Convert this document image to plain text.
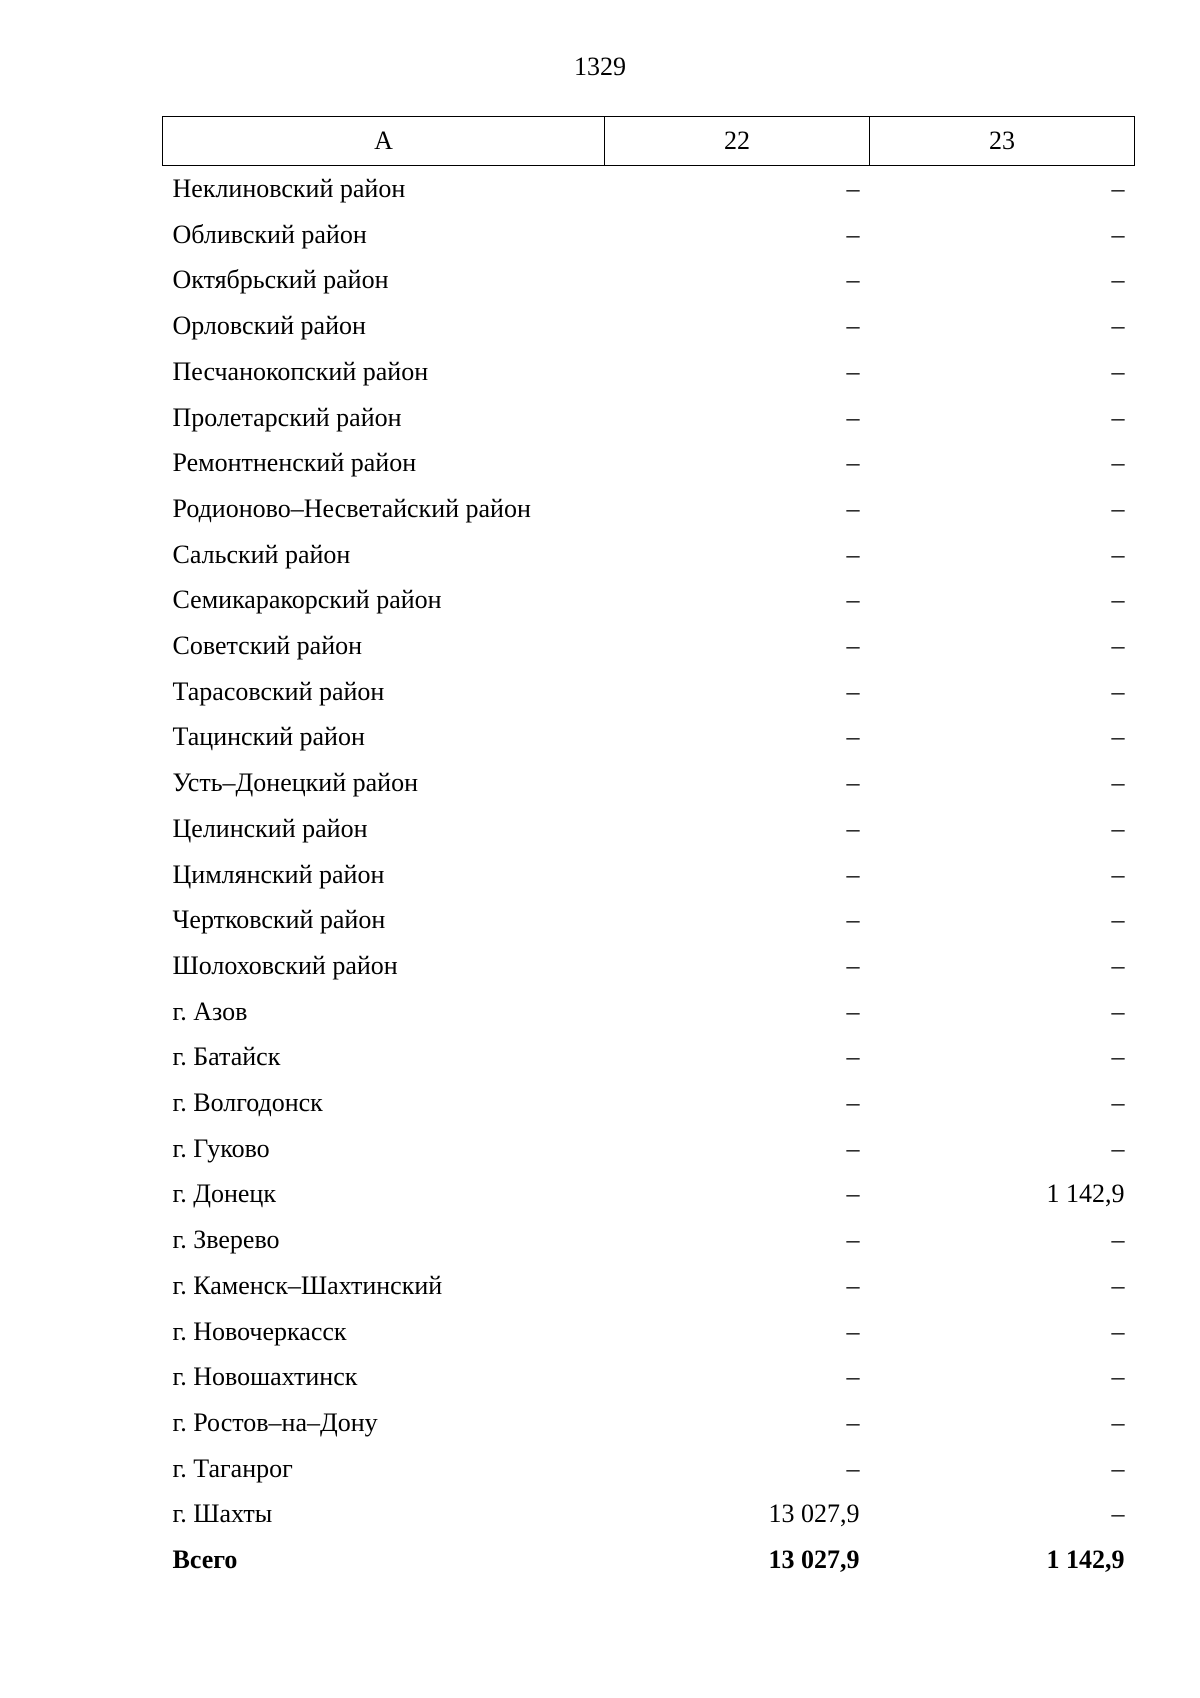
1329
А	22	23
Неклиновский район	–	–
Обливский район	–	–
Октябрьский район	–	–
Орловский район	–	–
Песчанокопский район	–	–
Пролетарский район	–	–
Ремонтненский район	–	–
Родионово–Несветайский район	–	–
Сальский район	–	–
Семикаракорский район	–	–
Советский район	–	–
Тарасовский район	–	–
Тацинский район	–	–
Усть–Донецкий район	–	–
Целинский район	–	–
Цимлянский район	–	–
Чертковский район	–	–
Шолоховский район	–	–
г. Азов	–	–
г. Батайск	–	–
г. Волгодонск	–	–
г. Гуково	–	–
г. Донецк	–	1 142,9
г. Зверево	–	–
г. Каменск–Шахтинский	–	–
г. Новочеркасск	–	–
г. Новошахтинск	–	–
г. Ростов–на–Дону	–	–
г. Таганрог	–	–
г. Шахты	13 027,9	–
Всего	13 027,9	1 142,9
